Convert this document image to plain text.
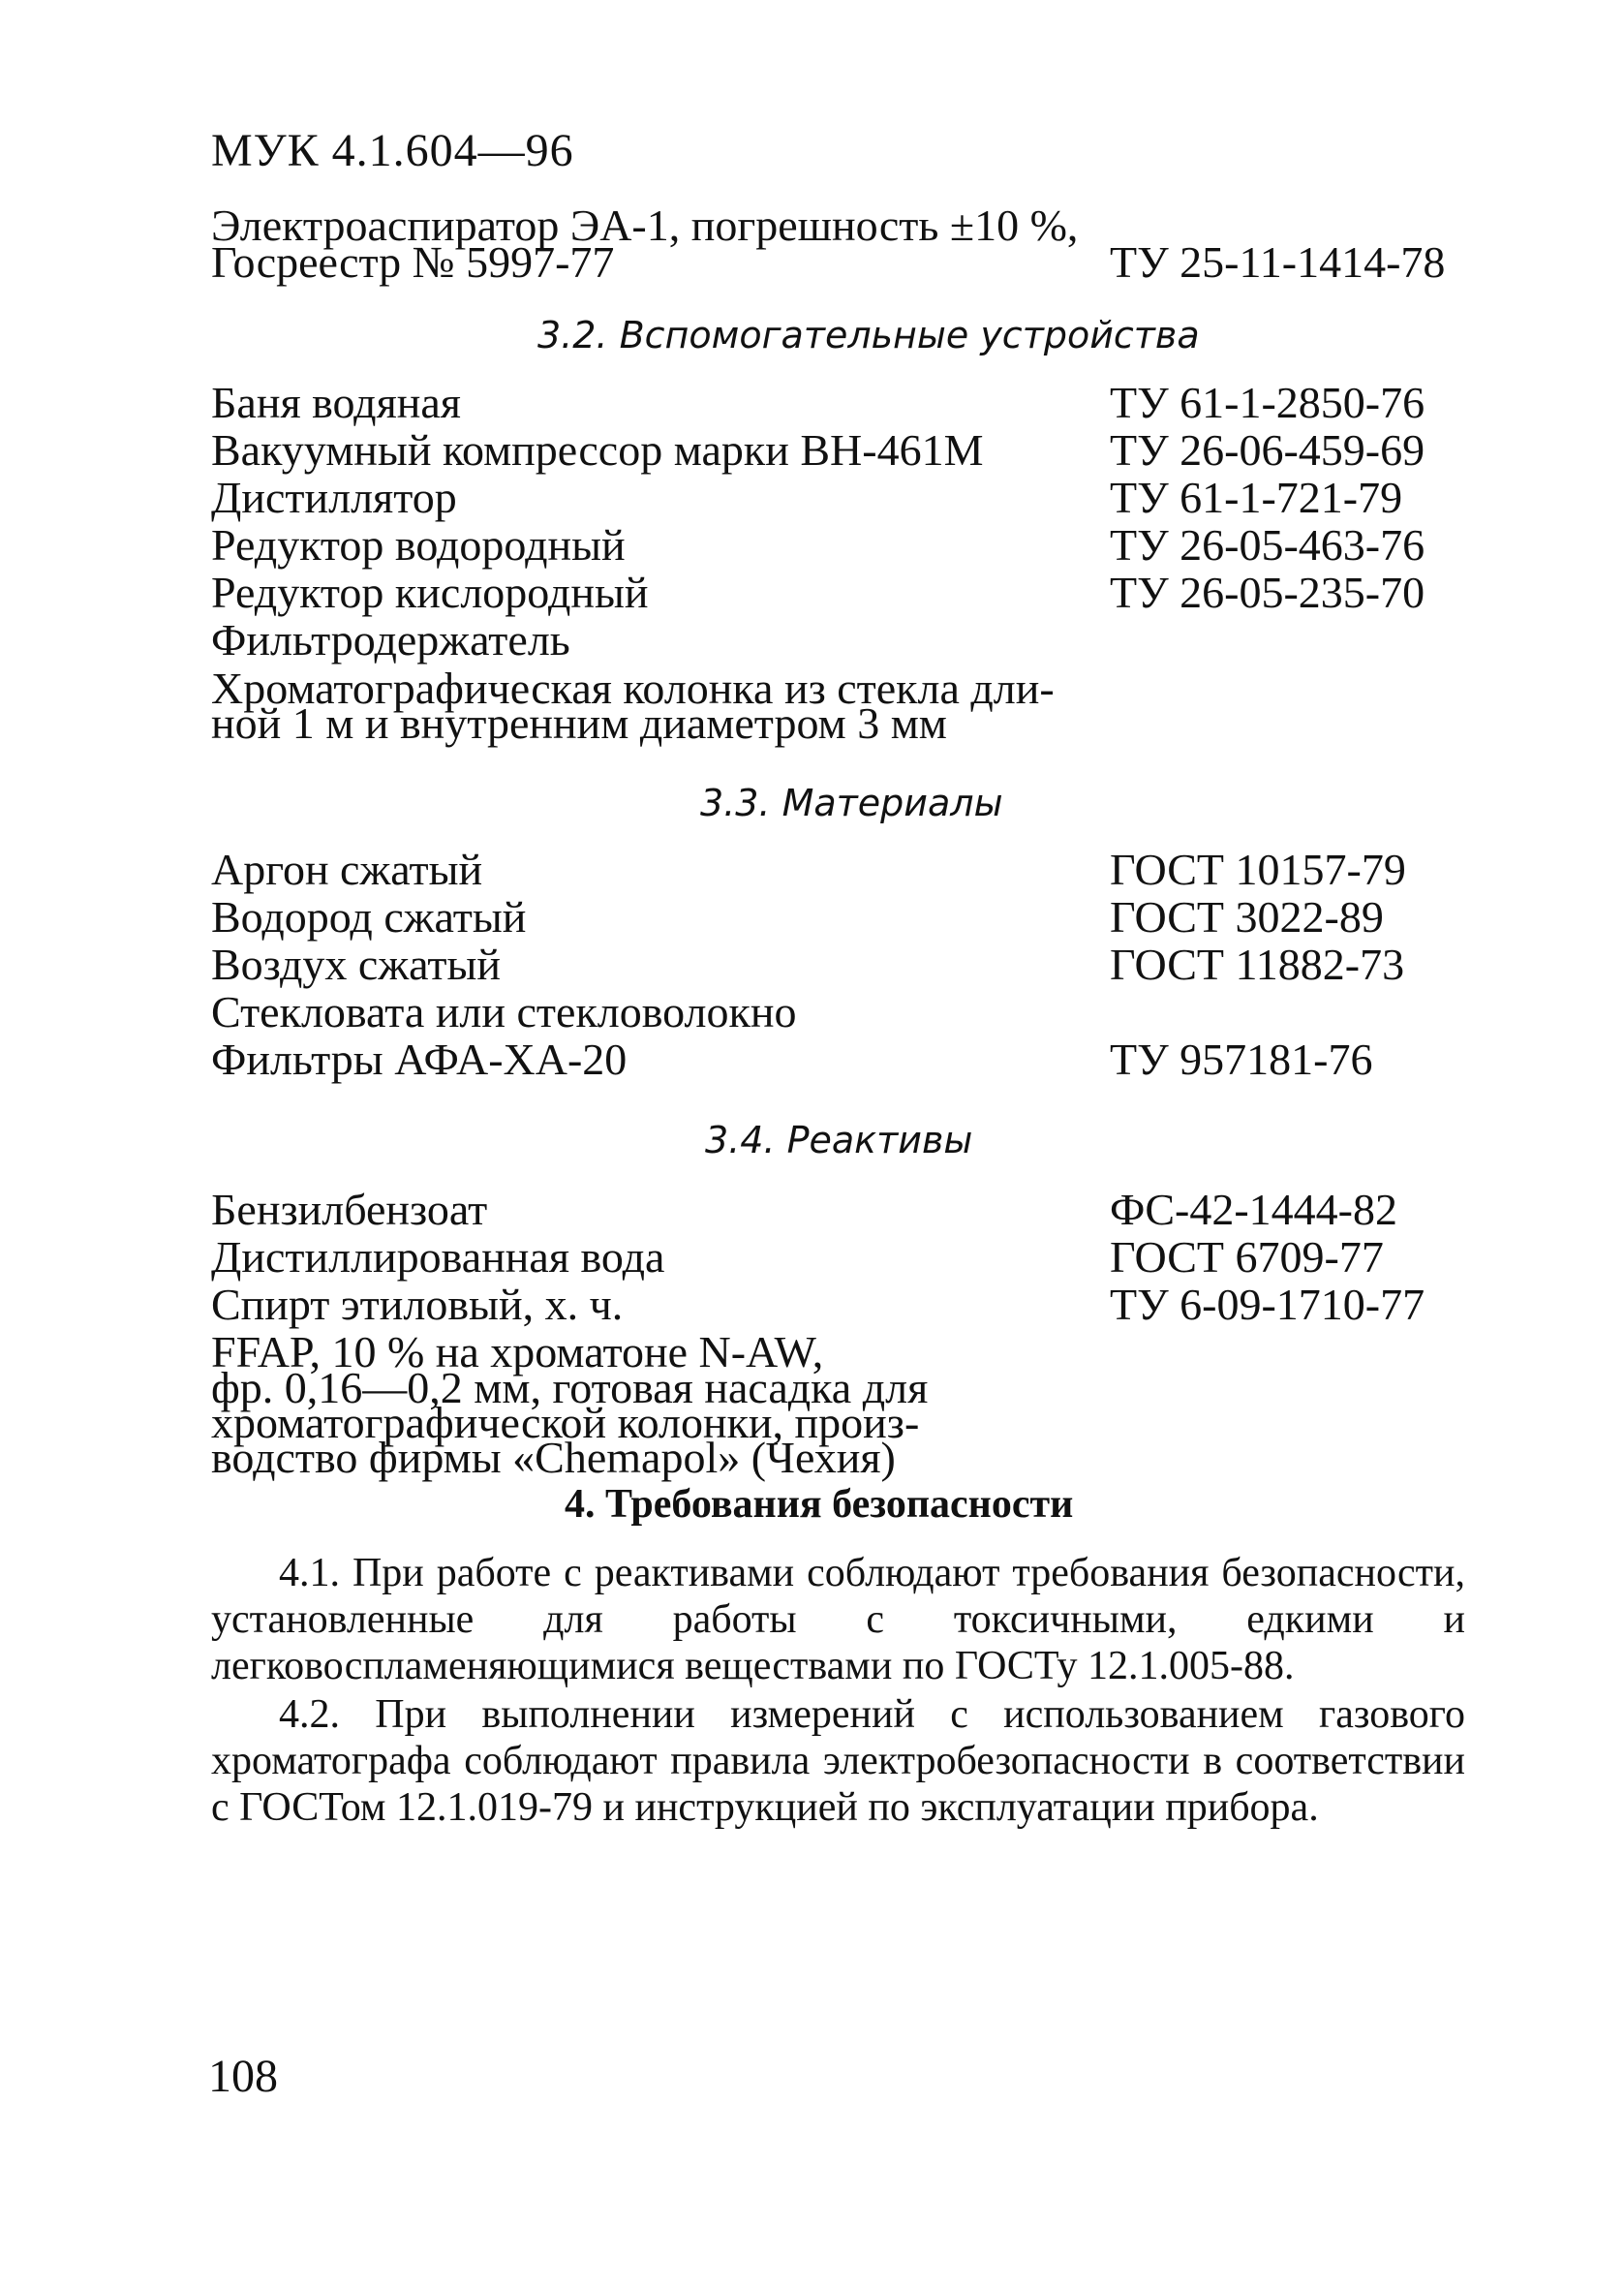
МУК 4.1.604—96
Электроаспиратор ЭА-1, погрешность ±10 %,
Госреестр № 5997-77	ТУ 25-11-1414-78
3.2. Вспомогательные устройства
Баня водяная	ТУ 61-1-2850-76
Вакуумный компрессор марки ВН-461М	ТУ 26-06-459-69
Дистиллятор	ТУ 61-1-721-79
Редуктор водородный	ТУ 26-05-463-76
Редуктор кислородный	ТУ 26-05-235-70
Фильтродержатель
Хроматографическая колонка из стекла дли-
ной 1 м и внутренним диаметром 3 мм
3.3. Материалы
Аргон сжатый	ГОСТ 10157-79
Водород сжатый	ГОСТ 3022-89
Воздух сжатый	ГОСТ 11882-73
Стекловата или стекловолокно
Фильтры АФА-ХА-20	ТУ 957181-76
3.4. Реактивы
Бензилбензоат	ФС-42-1444-82
Дистиллированная вода	ГОСТ 6709-77
Спирт этиловый, х. ч.	ТУ 6-09-1710-77
FFAP, 10 % на хроматоне N-AW,
фр. 0,16—0,2 мм, готовая насадка для
хроматографической колонки, произ-
водство фирмы «Chemapol» (Чехия)
4. Требования безопасности
4.1. При работе с реактивами соблюдают требования безопасности, установленные для работы с токсичными, едкими и легковоспламеняющимися веществами по ГОСТу 12.1.005-88.
4.2. При выполнении измерений с использованием газового хроматографа соблюдают правила электробезопасности в соответствии с ГОСТом 12.1.019-79 и инструкцией по эксплуатации прибора.
108
